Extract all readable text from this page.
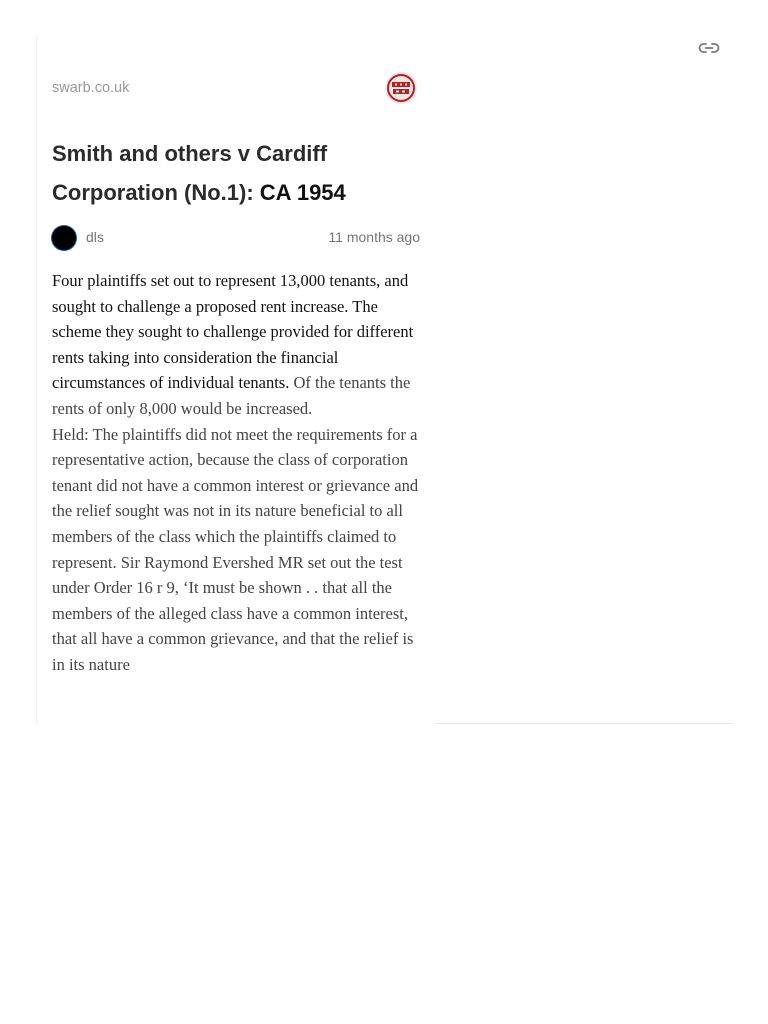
swarb.co.uk
Smith and others v Cardiff
Corporation (No.1): CA 1954
dls	11 months ago

Four plaintiffs set out to represent 13,000 tenants, and sought to challenge a proposed rent increase. The scheme they sought to challenge provided for different rents taking into consideration the financial circumstances of individual tenants. Of the tenants the rents of only 8,000 would be increased.

Held: The plaintiffs did not meet the requirements for a representative action, because the class of corporation tenant did not have a common interest or grievance and the relief sought was not in its nature beneficial to all members of the class which the plaintiffs claimed to represent. Sir Raymond Evershed MR set out the test under Order 16 r 9, ‘It must be shown . . that all the members of the alleged class have a common interest, that all have a common grievance, and that the relief is in its nature
